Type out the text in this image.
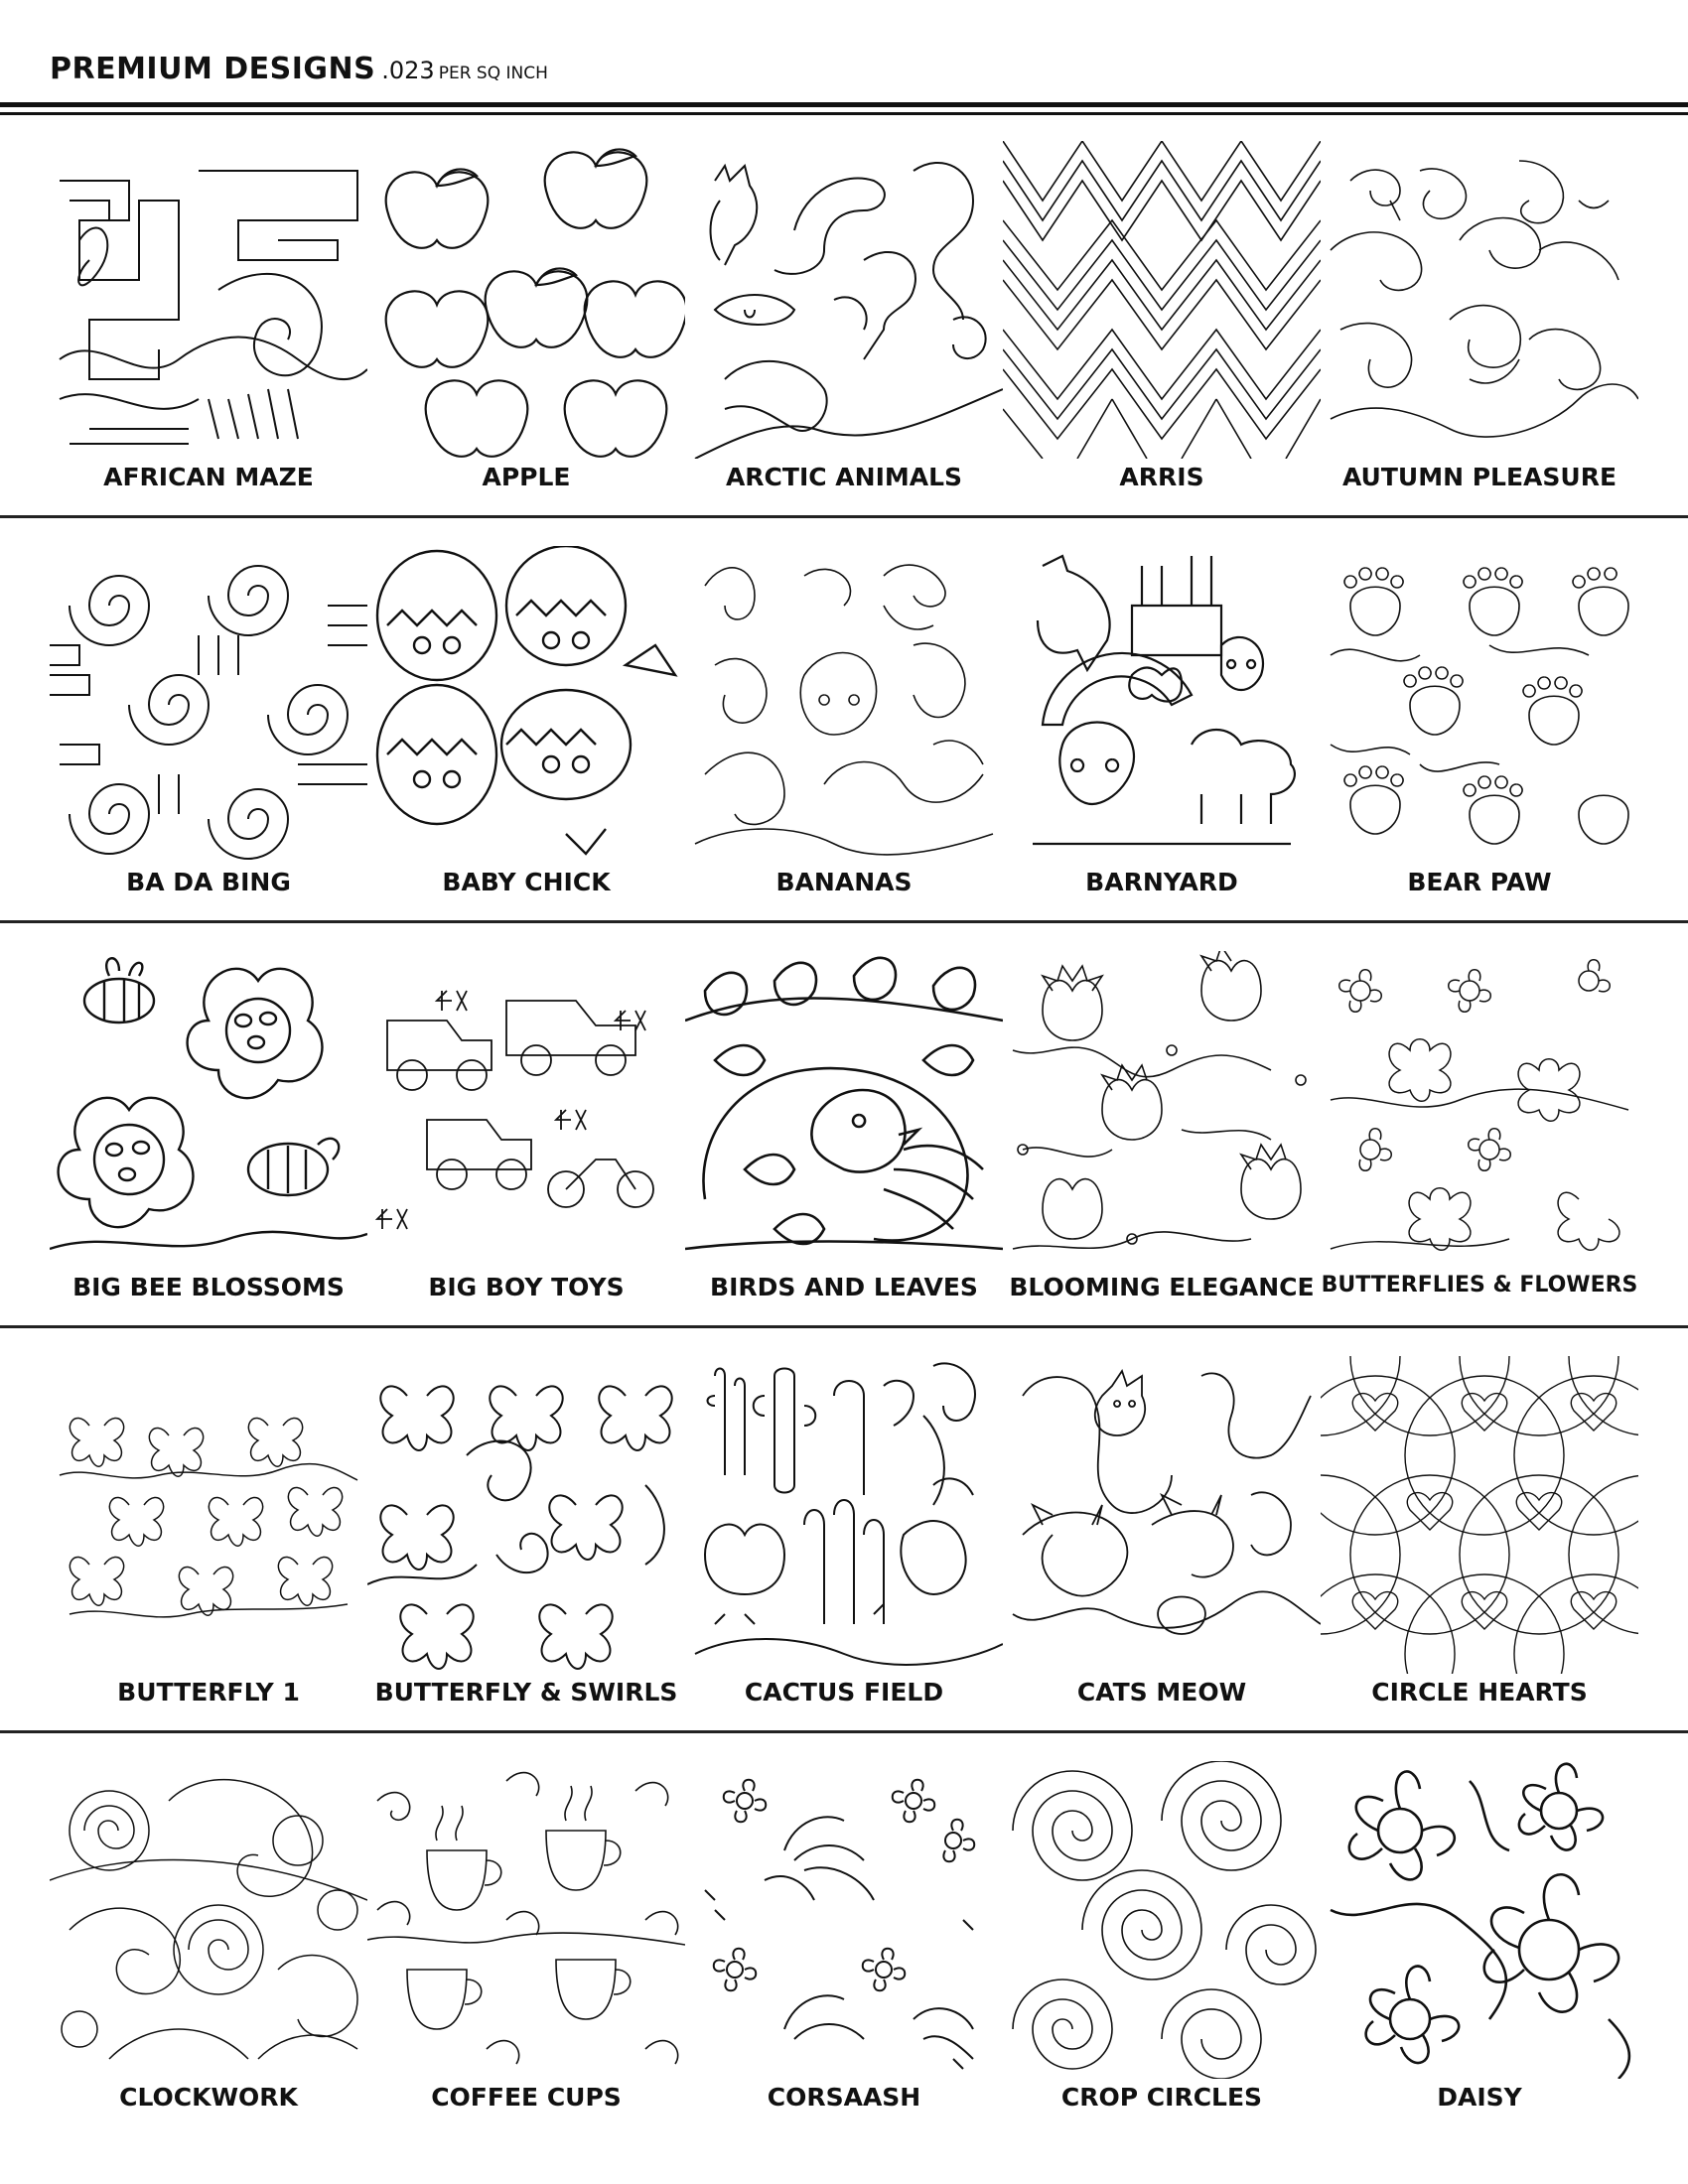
PREMIUM DESIGNS .023 PER SQ INCH
AFRICAN MAZE	APPLE	ARCTIC ANIMALS	ARRIS	AUTUMN PLEASURE
BA DA BING	BABY CHICK	BANANAS	BARNYARD	BEAR PAW
BIG BEE BLOSSOMS	BIG BOY TOYS	BIRDS AND LEAVES	BLOOMING ELEGANCE BUTTERFLIES & FLOWERS
BUTTERFLY 1	BUTTERFLY & SWIRLS	CACTUS FIELD	CATS MEOW	CIRCLE HEARTS
CLOCKWORK	COFFEE CUPS	CORSAASH	CROP CIRCLES	DAISY
